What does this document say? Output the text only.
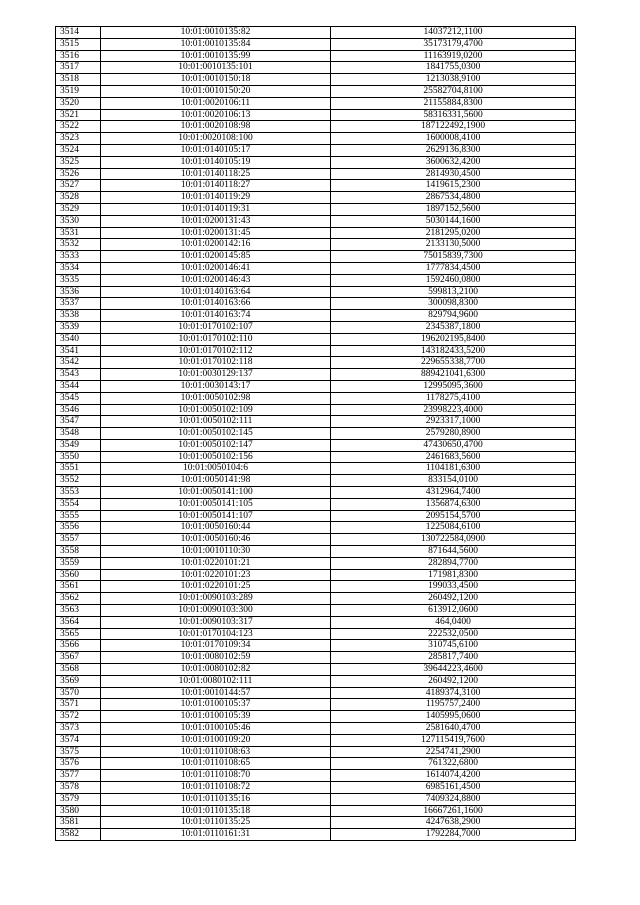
3514	10:01:0010135:82	14037212,1100
3515	10:01:0010135:84	35173179,4700
3516	10:01:0010135:99	11163919,0200
3517	10:01:0010135:101	1841755,0300
3518	10:01:0010150:18	1213038,9100
3519	10:01:0010150:20	25582704,8100
3520	10:01:0020106:11	21155884,8300
3521	10:01:0020106:13	58316331,5600
3522	10:01:0020108:98	187122492,1900
3523	10:01:0020108:100	1600008,4100
3524	10:01:0140105:17	2629136,8300
3525	10:01:0140105:19	3600632,4200
3526	10:01:0140118:25	2814930,4500
3527	10:01:0140118:27	1419615,2300
3528	10:01:0140119:29	2867534,4800
3529	10:01:0140119:31	1897152,5600
3530	10:01:0200131:43	5030144,1600
3531	10:01:0200131:45	2181295,0200
3532	10:01:0200142:16	2133130,5000
3533	10:01:0200145:85	75015839,7300
3534	10:01:0200146:41	1777834,4500
3535	10:01:0200146:43	1592460,0800
3536	10:01:0140163:64	599813,2100
3537	10:01:0140163:66	300098,8300
3538	10:01:0140163:74	829794,9600
3539	10:01:0170102:107	2345387,1800
3540	10:01:0170102:110	196202195,8400
3541	10:01:0170102:112	143182433,5200
3542	10:01:0170102:118	229655338,7700
3543	10:01:0030129:137	889421041,6300
3544	10:01:0030143:17	12995095,3600
3545	10:01:0050102:98	1178275,4100
3546	10:01:0050102:109	23998223,4000
3547	10:01:0050102:111	2923317,1000
3548	10:01:0050102:145	2579280,8900
3549	10:01:0050102:147	47430650,4700
3550	10:01:0050102:156	2461683,5600
3551	10:01:0050104:6	1104181,6300
3552	10:01:0050141:98	833154,0100
3553	10:01:0050141:100	4312964,7400
3554	10:01:0050141:105	1356874,6300
3555	10:01:0050141:107	2095154,5700
3556	10:01:0050160:44	1225084,6100
3557	10:01:0050160:46	130722584,0900
3558	10:01:0010110:30	871644,5600
3559	10:01:0220101:21	282894,7700
3560	10:01:0220101:23	171981,8300
3561	10:01:0220101:25	199033,4500
3562	10:01:0090103:289	260492,1200
3563	10:01:0090103:300	613912,0600
3564	10:01:0090103:317	464,0400
3565	10:01:0170104:123	222532,0500
3566	10:01:0170109:34	310745,6100
3567	10:01:0080102:59	285817,7400
3568	10:01:0080102:82	39644223,4600
3569	10:01:0080102:111	260492,1200
3570	10:01:0010144:57	4189374,3100
3571	10:01:0100105:37	1195757,2400
3572	10:01:0100105:39	1405995,0600
3573	10:01:0100105:46	2581640,4700
3574	10:01:0100109:20	127115419,7600
3575	10:01:0110108:63	2254741,2900
3576	10:01:0110108:65	761322,6800
3577	10:01:0110108:70	1614074,4200
3578	10:01:0110108:72	6985161,4500
3579	10:01:0110135:16	7409324,8800
3580	10:01:0110135:18	16667261,1600
3581	10:01:0110135:25	4247638,2900
3582	10:01:0110161:31	1792284,7000
